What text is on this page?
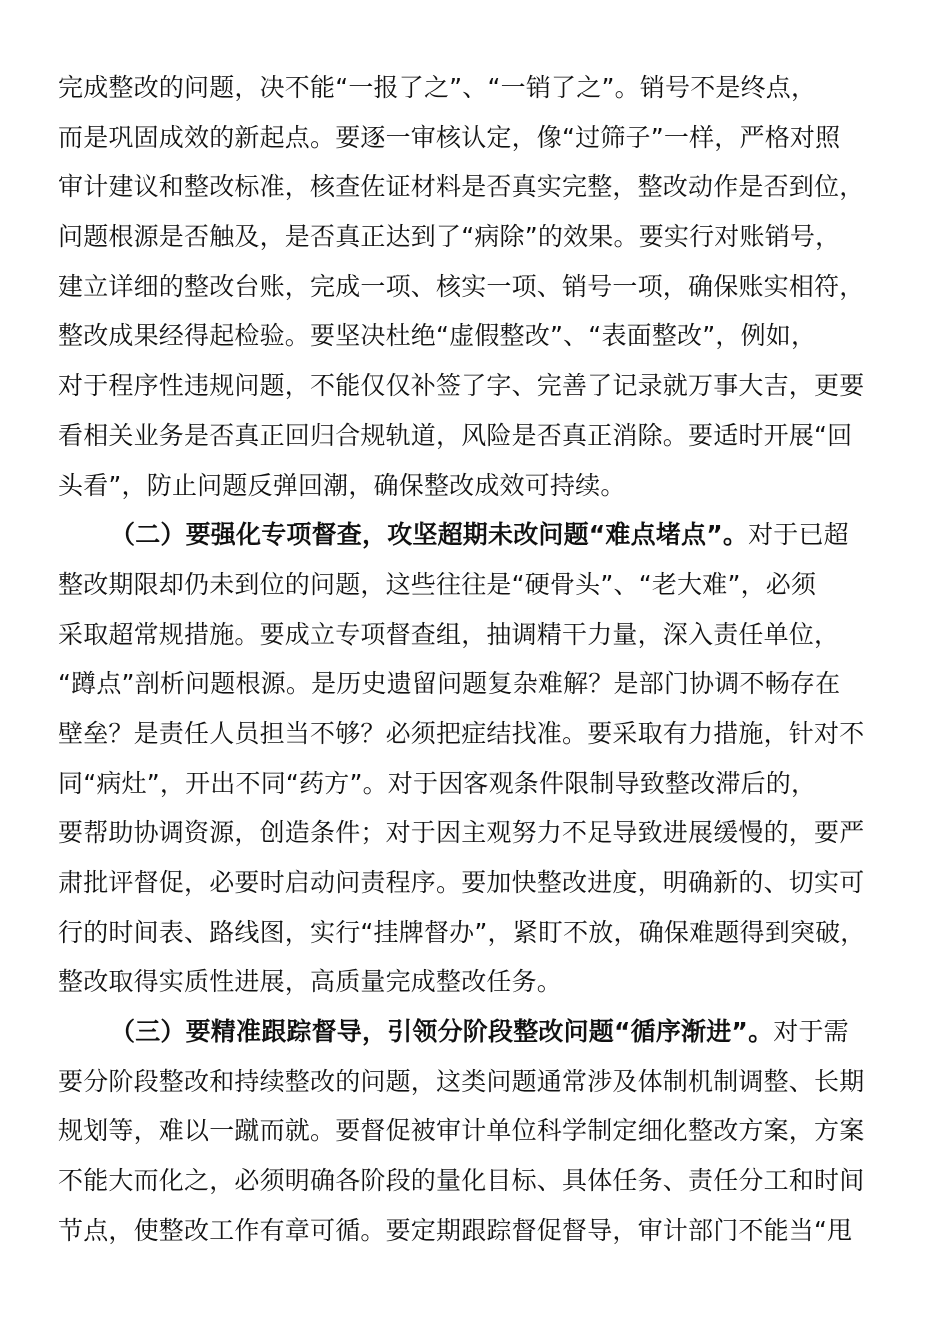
完成整改的问题，决不能“一报了之”、“一销了之”。销号不是终点，
而是巩固成效的新起点。要逐一审核认定，像“过筛子”一样，严格对照
审计建议和整改标准，核查佐证材料是否真实完整，整改动作是否到位，
问题根源是否触及，是否真正达到了“病除”的效果。要实行对账销号，
建立详细的整改台账，完成一项、核实一项、销号一项，确保账实相符，
整改成果经得起检验。要坚决杜绝“虚假整改”、“表面整改”，例如，
对于程序性违规问题，不能仅仅补签了字、完善了记录就万事大吉，更要
看相关业务是否真正回归合规轨道，风险是否真正消除。要适时开展“回
头看”，防止问题反弹回潮，确保整改成效可持续。
（二）要强化专项督查，攻坚超期未改问题“难点堵点”。对于已超
整改期限却仍未到位的问题，这些往往是“硬骨头”、“老大难”，必须
采取超常规措施。要成立专项督查组，抽调精干力量，深入责任单位，
“蹲点”剖析问题根源。是历史遗留问题复杂难解？是部门协调不畅存在
壁垒？是责任人员担当不够？必须把症结找准。要采取有力措施，针对不
同“病灶”，开出不同“药方”。对于因客观条件限制导致整改滞后的，
要帮助协调资源，创造条件；对于因主观努力不足导致进展缓慢的，要严
肃批评督促，必要时启动问责程序。要加快整改进度，明确新的、切实可
行的时间表、路线图，实行“挂牌督办”，紧盯不放，确保难题得到突破，
整改取得实质性进展，高质量完成整改任务。
（三）要精准跟踪督导，引领分阶段整改问题“循序渐进”。对于需
要分阶段整改和持续整改的问题，这类问题通常涉及体制机制调整、长期
规划等，难以一蹴而就。要督促被审计单位科学制定细化整改方案，方案
不能大而化之，必须明确各阶段的量化目标、具体任务、责任分工和时间
节点，使整改工作有章可循。要定期跟踪督促督导，审计部门不能当“甩
